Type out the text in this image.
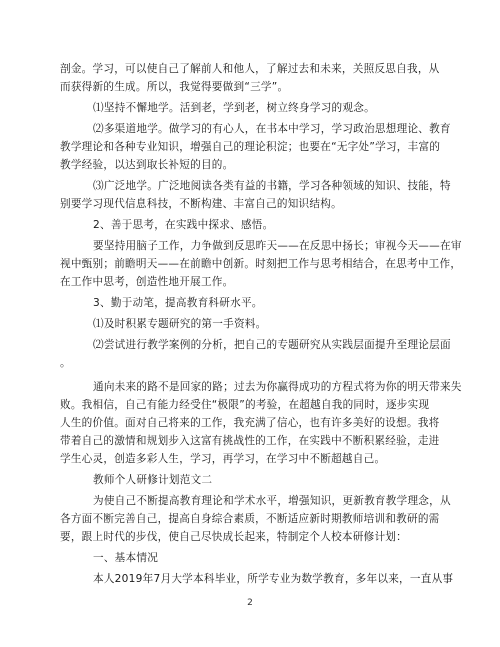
剖金。学习，可以使自己了解前人和他人，了解过去和未来，关照反思自我，从
而获得新的生成。所以，我觉得要做到“三学”。
⑴坚持不懈地学。活到老，学到老，树立终身学习的观念。
⑵多渠道地学。做学习的有心人，在书本中学习，学习政治思想理论、教育
教学理论和各种专业知识，增强自己的理论积淀；也要在“无字处”学习，丰富的
教学经验，以达到取长补短的目的。
⑶广泛地学。广泛地阅读各类有益的书籍，学习各种领域的知识、技能，特
别要学习现代信息科技，不断构建、丰富自己的知识结构。
2、善于思考，在实践中探求、感悟。
要坚持用脑子工作，力争做到反思昨天——在反思中扬长；审视今天——在审
视中甄别；前瞻明天——在前瞻中创新。时刻把工作与思考相结合，在思考中工作，
在工作中思考，创造性地开展工作。
3、勤于动笔，提高教育科研水平。
⑴及时积累专题研究的第一手资料。
⑵尝试进行教学案例的分析，把自己的专题研究从实践层面提升至理论层面
。
通向未来的路不是回家的路；过去为你赢得成功的方程式将为你的明天带来失
败。我相信，自己有能力经受住“极限”的考验，在超越自我的同时，逐步实现
人生的价值。面对自己将来的工作，我充满了信心，也有许多美好的设想。我将
带着自己的激情和规划步入这富有挑战性的工作，在实践中不断积累经验，走进
学生心灵，创造多彩人生，学习，再学习，在学习中不断超越自己。
教师个人研修计划范文二
为使自己不断提高教育理论和学术水平，增强知识，更新教育教学理念，从
各方面不断完善自己，提高自身综合素质，不断适应新时期教师培训和教研的需
要，跟上时代的步伐，使自己尽快成长起来，特制定个人校本研修计划：
一、基本情况
本人2019年7月大学本科毕业，所学专业为数学教育，多年以来，一直从事
2
